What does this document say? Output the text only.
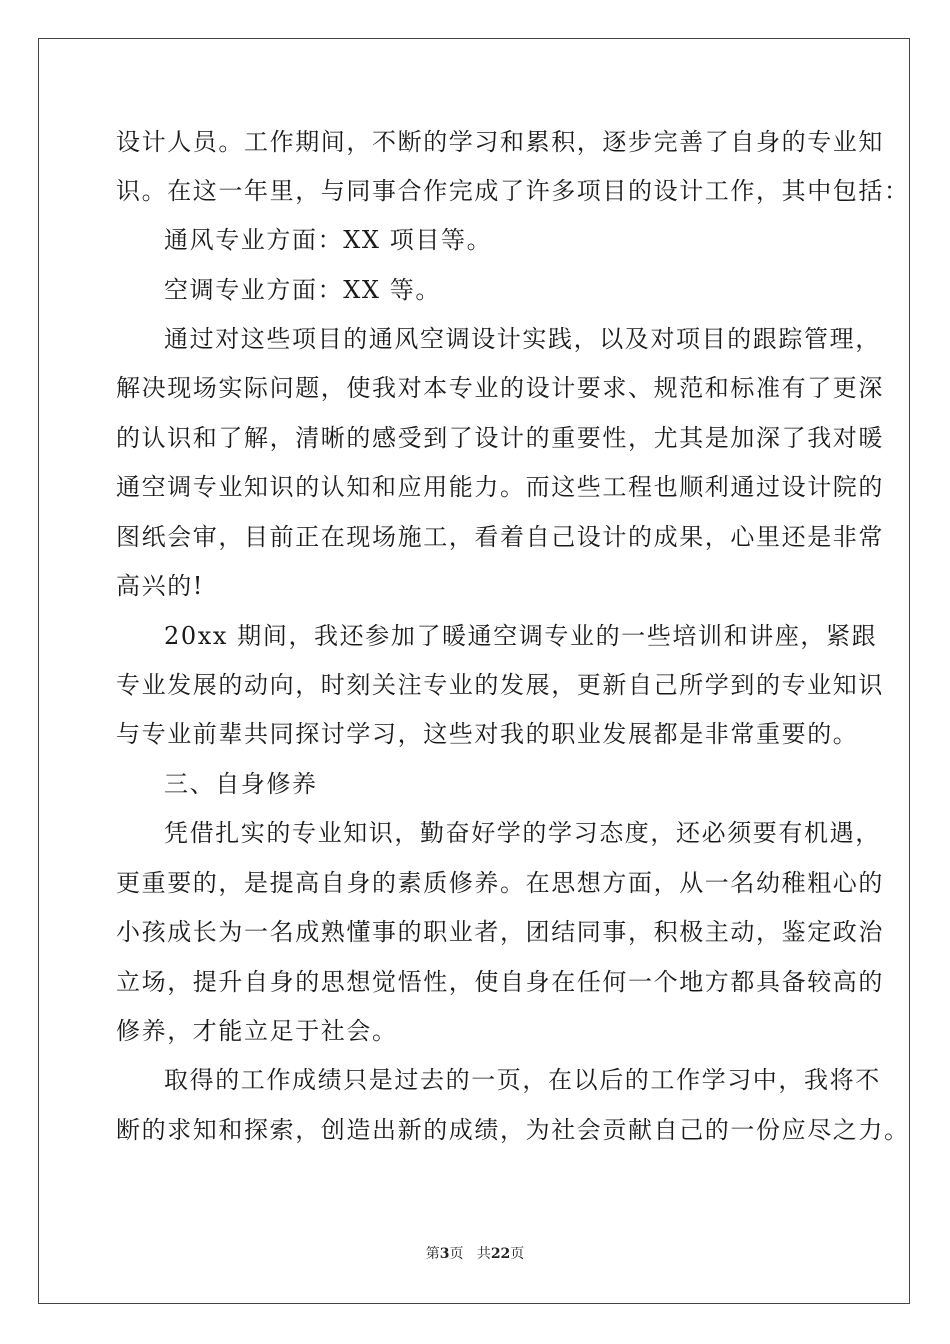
设计人员。工作期间，不断的学习和累积，逐步完善了自身的专业知
识。在这一年里，与同事合作完成了许多项目的设计工作，其中包括：
通风专业方面：XX 项目等。
空调专业方面：XX 等。
通过对这些项目的通风空调设计实践，以及对项目的跟踪管理，
解决现场实际问题，使我对本专业的设计要求、规范和标准有了更深
的认识和了解，清晰的感受到了设计的重要性，尤其是加深了我对暖
通空调专业知识的认知和应用能力。而这些工程也顺利通过设计院的
图纸会审，目前正在现场施工，看着自己设计的成果，心里还是非常
高兴的!
20xx 期间，我还参加了暖通空调专业的一些培训和讲座，紧跟
专业发展的动向，时刻关注专业的发展，更新自己所学到的专业知识
与专业前辈共同探讨学习，这些对我的职业发展都是非常重要的。
三、自身修养
凭借扎实的专业知识，勤奋好学的学习态度，还必须要有机遇，
更重要的，是提高自身的素质修养。在思想方面，从一名幼稚粗心的
小孩成长为一名成熟懂事的职业者，团结同事，积极主动，鉴定政治
立场，提升自身的思想觉悟性，使自身在任何一个地方都具备较高的
修养，才能立足于社会。
取得的工作成绩只是过去的一页，在以后的工作学习中，我将不
断的求知和探索，创造出新的成绩，为社会贡献自己的一份应尽之力。
第3页 共22页
